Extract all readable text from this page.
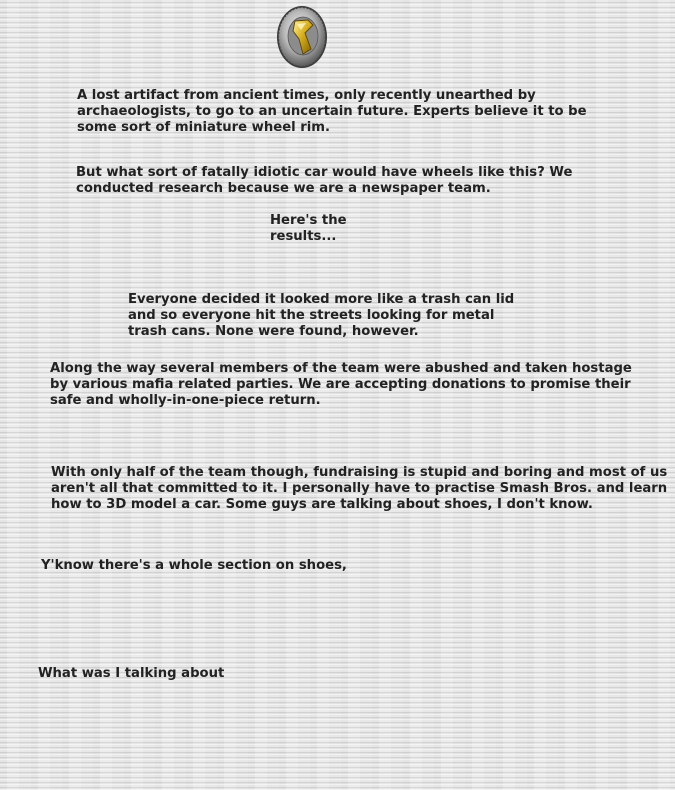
A lost artifact from ancient times, only recently unearthed by
archaeologists, to go to an uncertain future. Experts believe it to be
some sort of miniature wheel rim.

But what sort of fatally idiotic car would have wheels like this? We
conducted research because we are a newspaper team.

Here's the
results...

Everyone decided it looked more like a trash can lid
and so everyone hit the streets looking for metal
trash cans. None were found, however.

Along the way several members of the team were abushed and taken hostage
by various mafia related parties. We are accepting donations to promise their
safe and wholly-in-one-piece return.

With only half of the team though, fundraising is stupid and boring and most of us
aren't all that committed to it. I personally have to practise Smash Bros. and learn
how to 3D model a car. Some guys are talking about shoes, I don't know.

Y'know there's a whole section on shoes,

What was I talking about
